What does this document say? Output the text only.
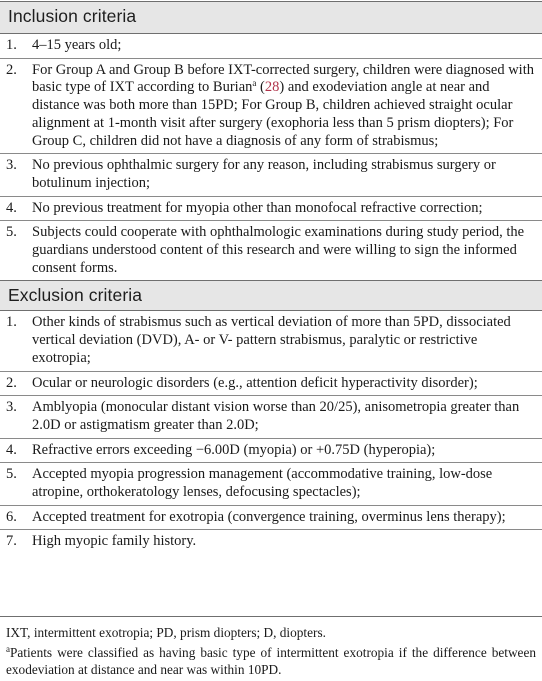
Inclusion criteria
1.	4–15 years old;
2.	For Group A and Group B before IXT-corrected surgery, children were diagnosed with basic type of IXT according to Burian$^a$ (28) and exodeviation angle at near and distance was both more than 15PD; For Group B, children achieved straight ocular alignment at 1-month visit after surgery (exophoria less than 5 prism diopters); For Group C, children did not have a diagnosis of any form of strabismus;
3.	No previous ophthalmic surgery for any reason, including strabismus surgery or botulinum injection;
4.	No previous treatment for myopia other than monofocal refractive correction;
5.	Subjects could cooperate with ophthalmologic examinations during study period, the guardians understood content of this research and were willing to sign the informed consent forms.
Exclusion criteria
1.	Other kinds of strabismus such as vertical deviation of more than 5PD, dissociated vertical deviation (DVD), A- or V- pattern strabismus, paralytic or restrictive exotropia;
2.	Ocular or neurologic disorders (e.g., attention deficit hyperactivity disorder);
3.	Amblyopia (monocular distant vision worse than 20/25), anisometropia greater than 2.0D or astigmatism greater than 2.0D;
4.	Refractive errors exceeding −6.00D (myopia) or +0.75D (hyperopia);
5.	Accepted myopia progression management (accommodative training, low-dose atropine, orthokeratology lenses, defocusing spectacles);
6.	Accepted treatment for exotropia (convergence training, overminus lens therapy);
7.	High myopic family history.

IXT, intermittent exotropia; PD, prism diopters; D, diopters.

$^a$Patients were classified as having basic type of intermittent exotropia if the difference between exodeviation at distance and near was within 10PD.
